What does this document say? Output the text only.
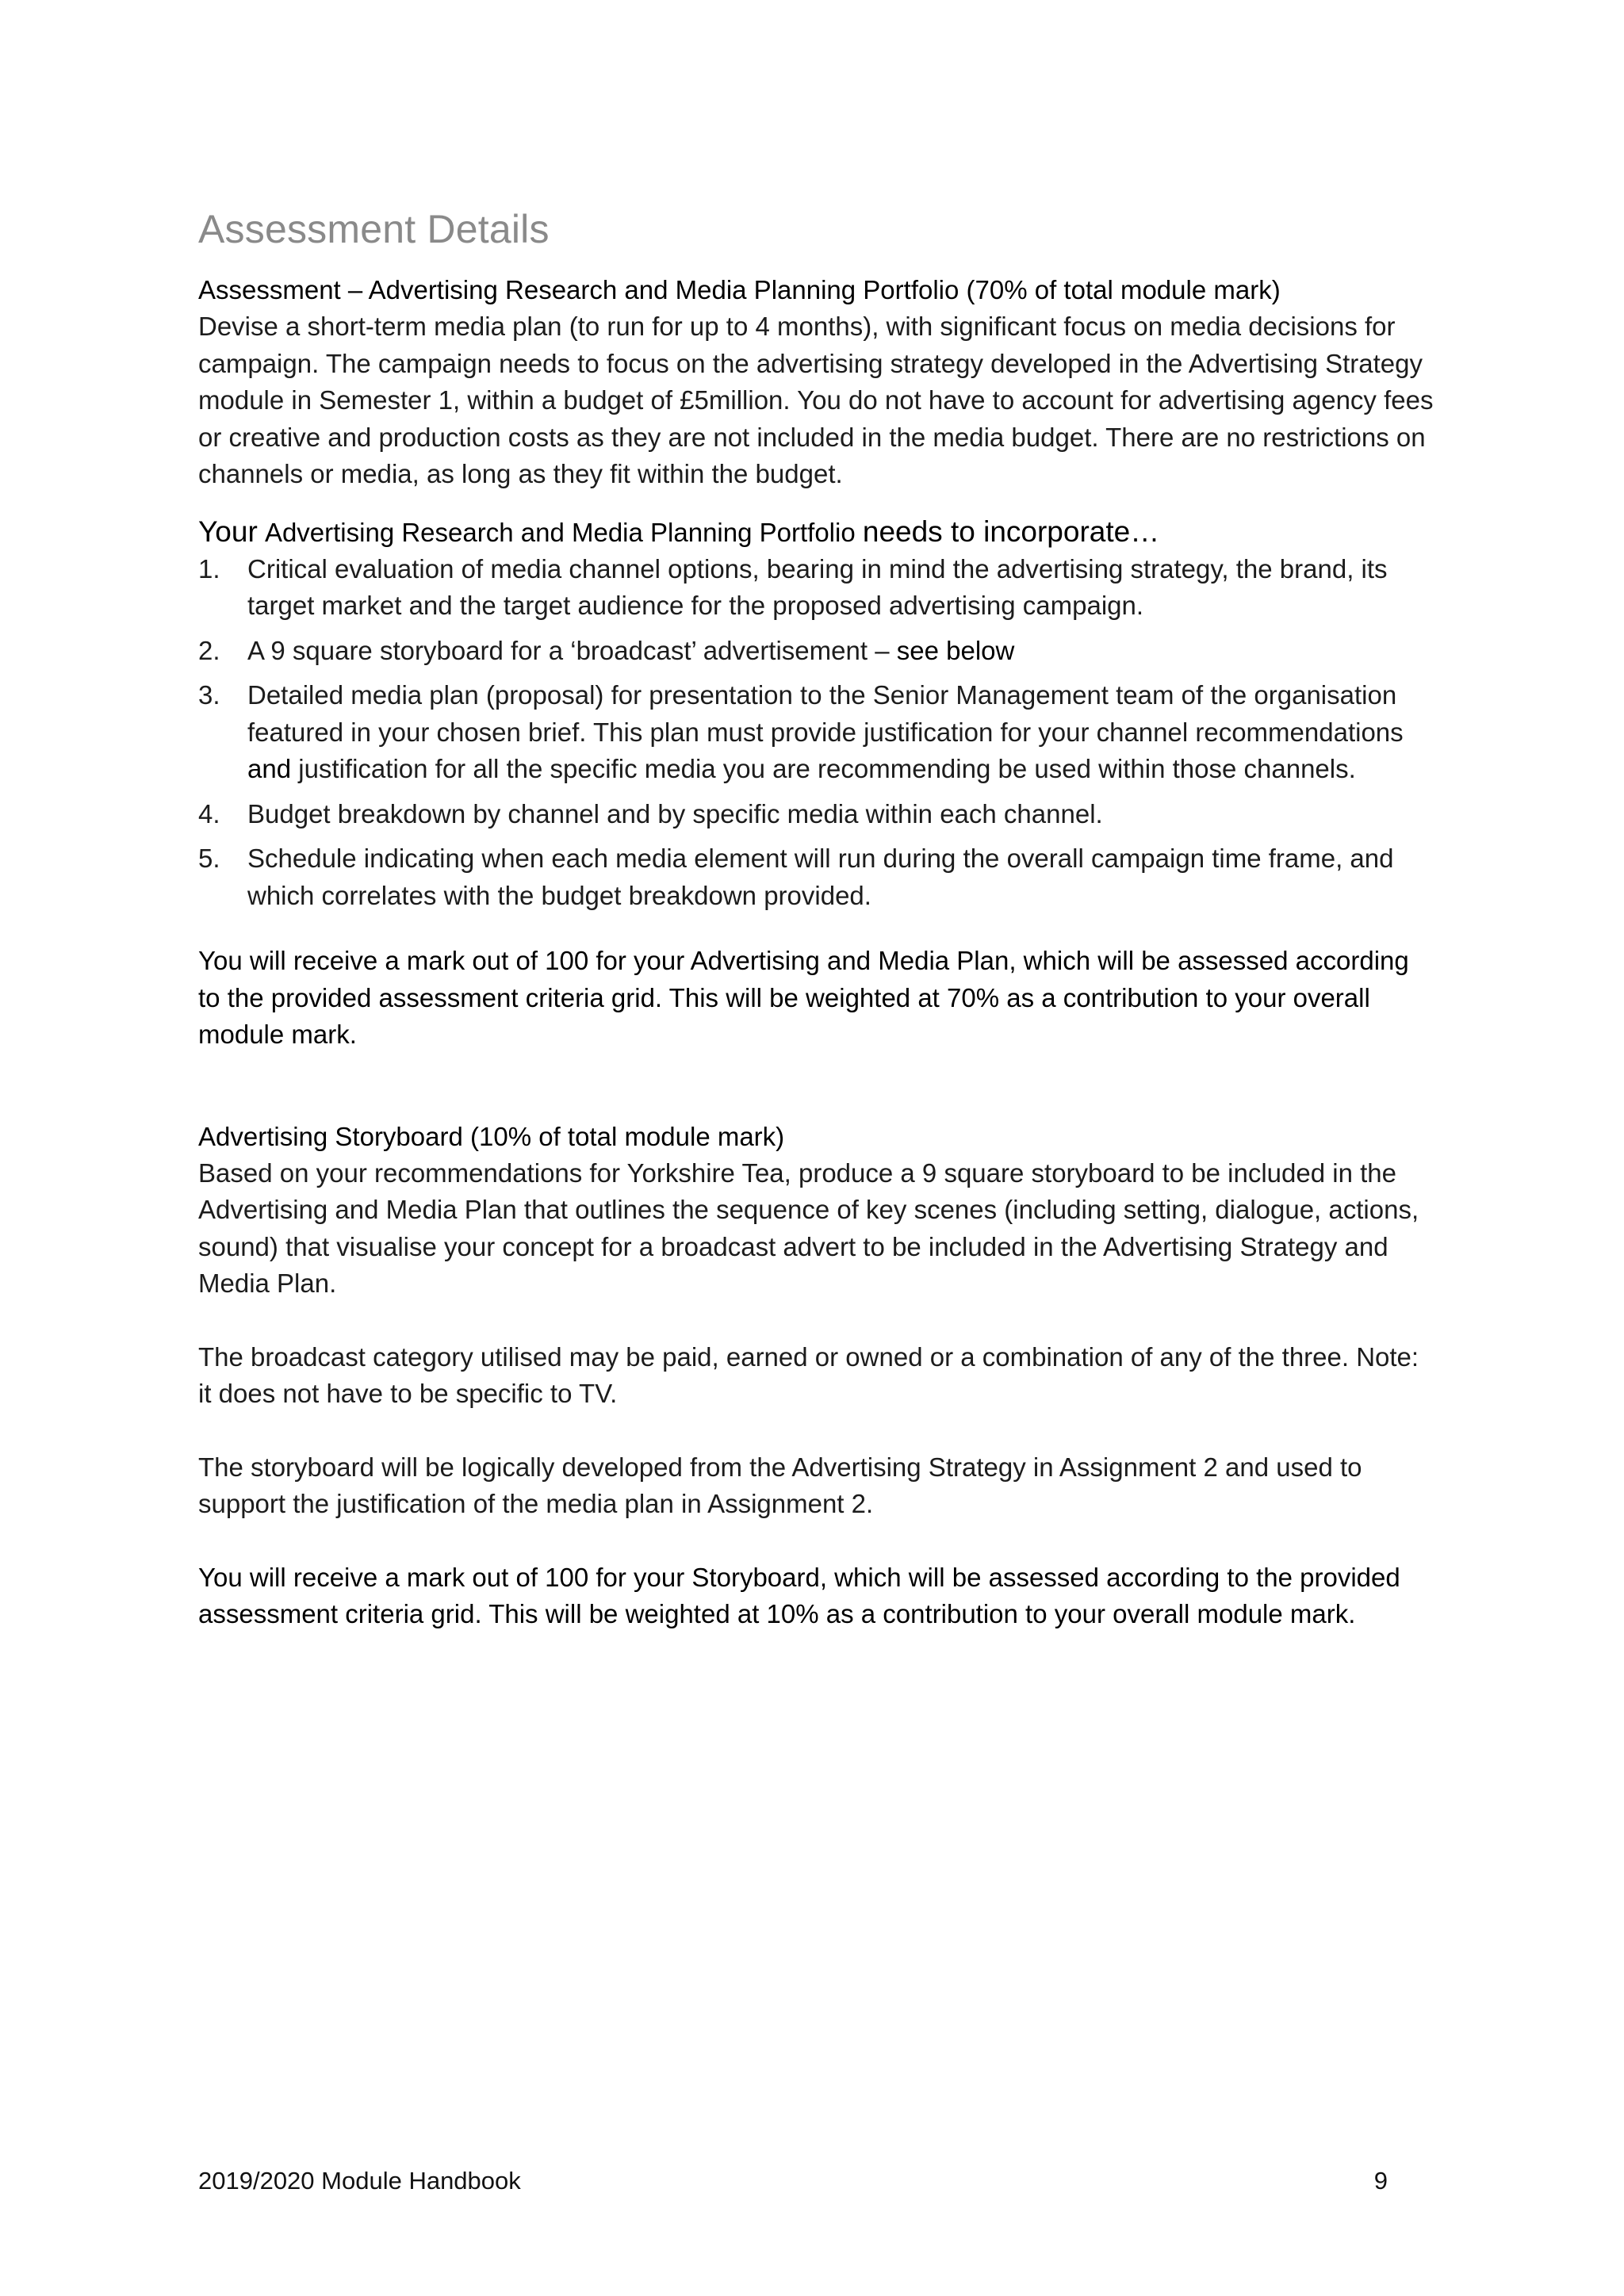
Assessment Details

Assessment – Advertising Research and Media Planning Portfolio (70% of total module mark)

Devise a short-term media plan (to run for up to 4 months), with significant focus on media decisions for campaign. The campaign needs to focus on the advertising strategy developed in the Advertising Strategy module in Semester 1, within a budget of £5million. You do not have to account for advertising agency fees or creative and production costs as they are not included in the media budget. There are no restrictions on channels or media, as long as they fit within the budget.

Your Advertising Research and Media Planning Portfolio needs to incorporate…

1. Critical evaluation of media channel options, bearing in mind the advertising strategy, the brand, its target market and the target audience for the proposed advertising campaign.
2. A 9 square storyboard for a ‘broadcast’ advertisement – see below
3. Detailed media plan (proposal) for presentation to the Senior Management team of the organisation featured in your chosen brief. This plan must provide justification for your channel recommendations and justification for all the specific media you are recommending be used within those channels.
4. Budget breakdown by channel and by specific media within each channel.
5. Schedule indicating when each media element will run during the overall campaign time frame, and which correlates with the budget breakdown provided.

You will receive a mark out of 100 for your Advertising and Media Plan, which will be assessed according to the provided assessment criteria grid. This will be weighted at 70% as a contribution to your overall module mark.

Advertising Storyboard (10% of total module mark)

Based on your recommendations for Yorkshire Tea, produce a 9 square storyboard to be included in the Advertising and Media Plan that outlines the sequence of key scenes (including setting, dialogue, actions, sound) that visualise your concept for a broadcast advert to be included in the Advertising Strategy and Media Plan.

The broadcast category utilised may be paid, earned or owned or a combination of any of the three. Note: it does not have to be specific to TV.

The storyboard will be logically developed from the Advertising Strategy in Assignment 2 and used to support the justification of the media plan in Assignment 2.

You will receive a mark out of 100 for your Storyboard, which will be assessed according to the provided assessment criteria grid. This will be weighted at 10% as a contribution to your overall module mark.

2019/2020 Module Handbook	9
